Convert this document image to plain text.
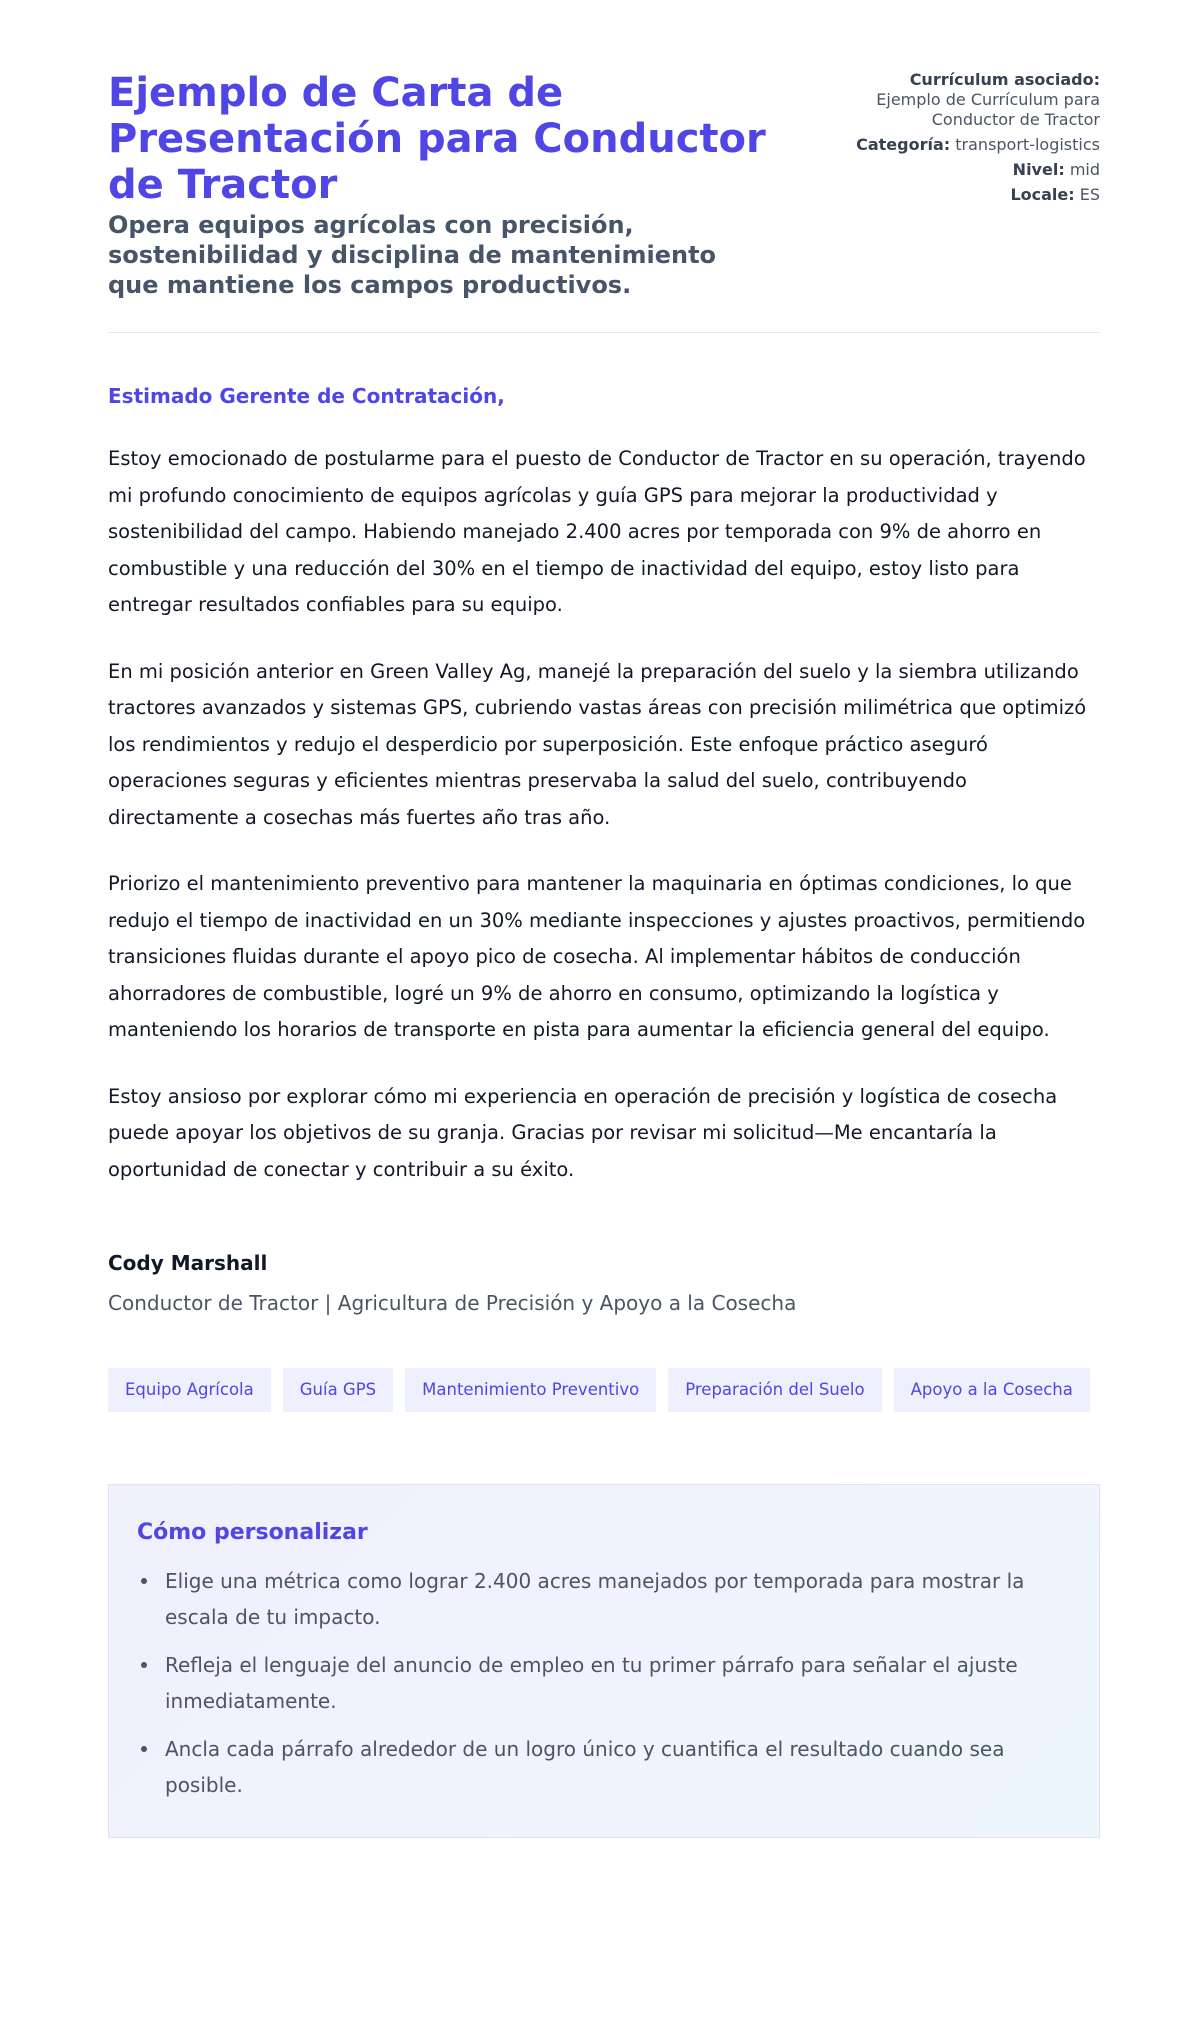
Ejemplo de Carta de Presentación para Conductor de Tractor

Opera equipos agrícolas con precisión, sostenibilidad y disciplina de mantenimiento que mantiene los campos productivos.

Currículum asociado:
Ejemplo de Currículum para Conductor de Tractor
Categoría: transport-logistics
Nivel: mid
Locale: ES
Estimado Gerente de Contratación,

Estoy emocionado de postularme para el puesto de Conductor de Tractor en su operación, trayendo mi profundo conocimiento de equipos agrícolas y guía GPS para mejorar la productividad y sostenibilidad del campo. Habiendo manejado 2.400 acres por temporada con 9% de ahorro en combustible y una reducción del 30% en el tiempo de inactividad del equipo, estoy listo para entregar resultados confiables para su equipo.

En mi posición anterior en Green Valley Ag, manejé la preparación del suelo y la siembra utilizando tractores avanzados y sistemas GPS, cubriendo vastas áreas con precisión milimétrica que optimizó los rendimientos y redujo el desperdicio por superposición. Este enfoque práctico aseguró operaciones seguras y eficientes mientras preservaba la salud del suelo, contribuyendo directamente a cosechas más fuertes año tras año.

Priorizo el mantenimiento preventivo para mantener la maquinaria en óptimas condiciones, lo que redujo el tiempo de inactividad en un 30% mediante inspecciones y ajustes proactivos, permitiendo transiciones fluidas durante el apoyo pico de cosecha. Al implementar hábitos de conducción ahorradores de combustible, logré un 9% de ahorro en consumo, optimizando la logística y manteniendo los horarios de transporte en pista para aumentar la eficiencia general del equipo.

Estoy ansioso por explorar cómo mi experiencia en operación de precisión y logística de cosecha puede apoyar los objetivos de su granja. Gracias por revisar mi solicitud—Me encantaría la oportunidad de conectar y contribuir a su éxito.

Cody Marshall
Conductor de Tractor | Agricultura de Precisión y Apoyo a la Cosecha
Equipo Agrícola	Guía GPS	Mantenimiento Preventivo	Preparación del Suelo	Apoyo a la Cosecha
Cómo personalizar
Elige una métrica como lograr 2.400 acres manejados por temporada para mostrar la escala de tu impacto.
Refleja el lenguaje del anuncio de empleo en tu primer párrafo para señalar el ajuste inmediatamente.
Ancla cada párrafo alrededor de un logro único y cuantifica el resultado cuando sea posible.
